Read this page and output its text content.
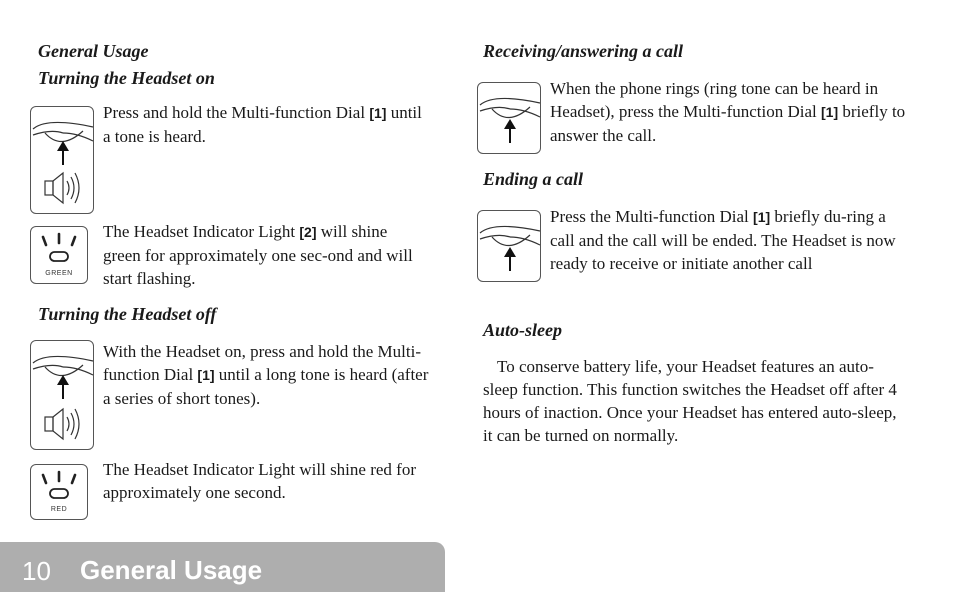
General Usage
Turning the Headset on
Press and hold the Multi-function Dial [1] until a tone is heard.
GREEN
The Headset Indicator Light [2] will shine green for approximately one sec-ond and will start flashing.
Turning the Headset off
With the Headset on, press and hold the Multi-function Dial [1] until a long tone is heard (after a series of short tones).
RED
The Headset Indicator Light will shine red for approximately one second.
Receiving/answering a call
When the phone rings (ring tone can be heard in Headset), press the Multi-function Dial [1] briefly to answer the call.
Ending a call
Press the Multi-function Dial [1] briefly du-ring a call and the call will be ended. The Headset is now ready to receive or initiate another call
Auto-sleep
To conserve battery life, your Headset features an auto-sleep function. This function switches the Headset off after 4 hours of inaction. Once your Headset has entered auto-sleep, it can be turned on normally.
10 General Usage
